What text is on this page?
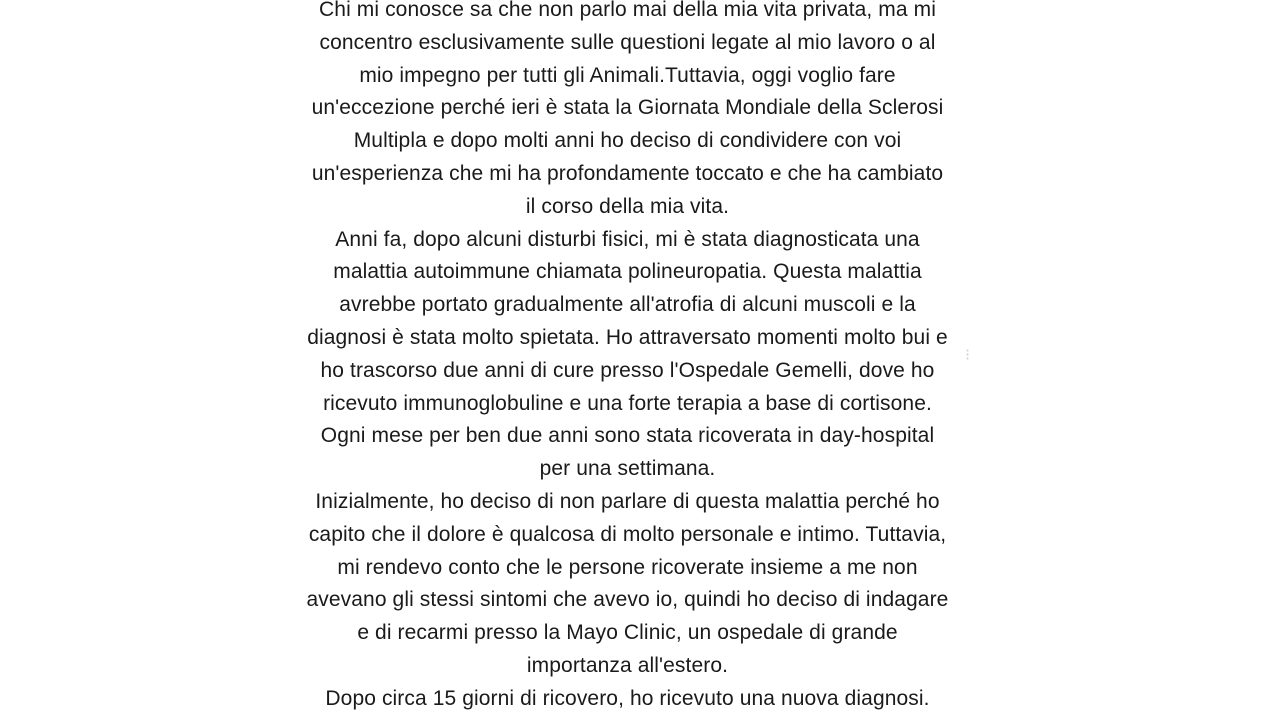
Chi mi conosce sa che non parlo mai della mia vita privata, ma mi
concentro esclusivamente sulle questioni legate al mio lavoro o al
mio impegno per tutti gli Animali.Tuttavia, oggi voglio fare
un'eccezione perché ieri è stata la Giornata Mondiale della Sclerosi
Multipla e dopo molti anni ho deciso di condividere con voi
un'esperienza che mi ha profondamente toccato e che ha cambiato
il corso della mia vita.

Anni fa, dopo alcuni disturbi fisici, mi è stata diagnosticata una
malattia autoimmune chiamata polineuropatia. Questa malattia
avrebbe portato gradualmente all'atrofia di alcuni muscoli e la
diagnosi è stata molto spietata. Ho attraversato momenti molto bui e
ho trascorso due anni di cure presso l'Ospedale Gemelli, dove ho
ricevuto immunoglobuline e una forte terapia a base di cortisone.
Ogni mese per ben due anni sono stata ricoverata in day-hospital
per una settimana.

Inizialmente, ho deciso di non parlare di questa malattia perché ho
capito che il dolore è qualcosa di molto personale e intimo. Tuttavia,
mi rendevo conto che le persone ricoverate insieme a me non
avevano gli stessi sintomi che avevo io, quindi ho deciso di indagare
e di recarmi presso la Mayo Clinic, un ospedale di grande
importanza all'estero.

Dopo circa 15 giorni di ricovero, ho ricevuto una nuova diagnosi.

⁝
